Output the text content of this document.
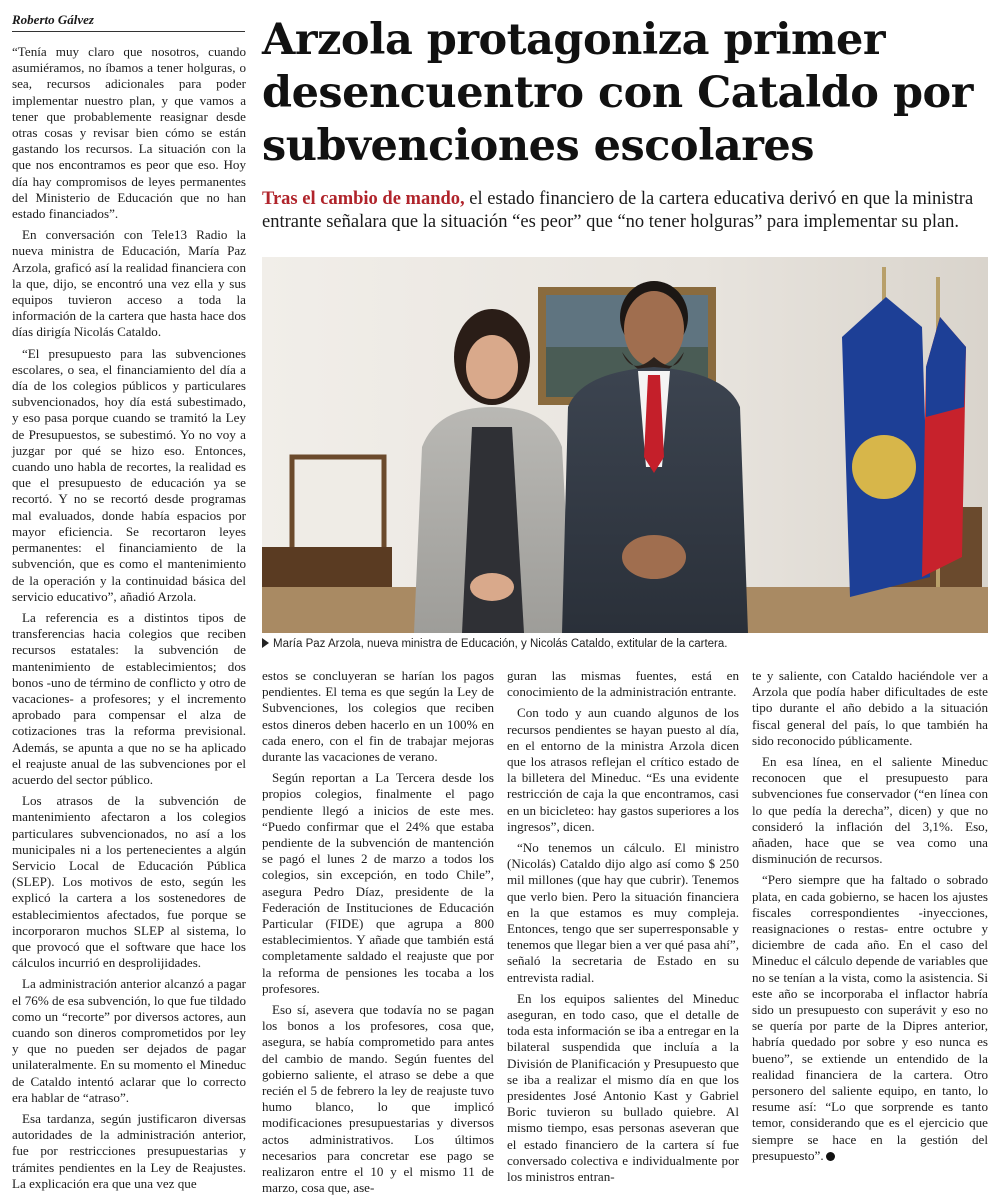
Roberto Gálvez

“Tenía muy claro que nosotros, cuando asumiéramos, no íbamos a tener holguras, o sea, recursos adicionales para poder implementar nuestro plan, y que vamos a tener que probablemente reasignar desde otras cosas y revisar bien cómo se están gastando los recursos. La situación con la que nos encontramos es peor que eso. Hoy día hay compromisos de leyes permanentes del Ministerio de Educación que no han estado financiados”.

En conversación con Tele13 Radio la nueva ministra de Educación, María Paz Arzola, graficó así la realidad financiera con la que, dijo, se encontró una vez ella y sus equipos tuvieron acceso a toda la información de la cartera que hasta hace dos días dirigía Nicolás Cataldo.

“El presupuesto para las subvenciones escolares, o sea, el financiamiento del día a día de los colegios públicos y particulares subvencionados, hoy día está subestimado, y eso pasa porque cuando se tramitó la Ley de Presupuestos, se subestimó. Yo no voy a juzgar por qué se hizo eso. Entonces, cuando uno habla de recortes, la realidad es que el presupuesto de educación ya se recortó. Y no se recortó desde programas mal evaluados, donde había espacios por mayor eficiencia. Se recortaron leyes permanentes: el financiamiento de la subvención, que es como el mantenimiento de la operación y la continuidad básica del servicio educativo”, añadió Arzola.

La referencia es a distintos tipos de transferencias hacia colegios que reciben recursos estatales: la subvención de mantenimiento de establecimientos; dos bonos -uno de término de conflicto y otro de vacaciones- a profesores; y el incremento aprobado para compensar el alza de cotizaciones tras la reforma previsional. Además, se apunta a que no se ha aplicado el reajuste anual de las subvenciones por el acuerdo del sector público.

Los atrasos de la subvención de mantenimiento afectaron a los colegios particulares subvencionados, no así a los municipales ni a los pertenecientes a algún Servicio Local de Educación Pública (SLEP). Los motivos de esto, según les explicó la cartera a los sostenedores de establecimientos afectados, fue porque se incorporaron muchos SLEP al sistema, lo que provocó que el software que hace los cálculos incurrió en desprolijidades.

La administración anterior alcanzó a pagar el 76% de esa subvención, lo que fue tildado como un “recorte” por diversos actores, aun cuando son dineros comprometidos por ley y que no pueden ser dejados de pagar unilateralmente. En su momento el Mineduc de Cataldo intentó aclarar que lo correcto era hablar de “atraso”.

Esa tardanza, según justificaron diversas autoridades de la administración anterior, fue por restricciones presupuestarias y trámites pendientes en la Ley de Reajustes. La explicación era que una vez que

Arzola protagoniza primer desencuentro con Cataldo por subvenciones escolares
Tras el cambio de mando, el estado financiero de la cartera educativa derivó en que la ministra entrante señalara que la situación “es peor” que “no tener holguras” para implementar su plan.
María Paz Arzola, nueva ministra de Educación, y Nicolás Cataldo, extitular de la cartera.

estos se concluyeran se harían los pagos pendientes. El tema es que según la Ley de Subvenciones, los colegios que reciben estos dineros deben hacerlo en un 100% en cada enero, con el fin de trabajar mejoras durante las vacaciones de verano.

Según reportan a La Tercera desde los propios colegios, finalmente el pago pendiente llegó a inicios de este mes. “Puedo confirmar que el 24% que estaba pendiente de la subvención de mantención se pagó el lunes 2 de marzo a todos los colegios, sin excepción, en todo Chile”, asegura Pedro Díaz, presidente de la Federación de Instituciones de Educación Particular (FIDE) que agrupa a 800 establecimientos. Y añade que también está completamente saldado el reajuste que por la reforma de pensiones les tocaba a los profesores.

Eso sí, asevera que todavía no se pagan los bonos a los profesores, cosa que, asegura, se había comprometido para antes del cambio de mando. Según fuentes del gobierno saliente, el atraso se debe a que recién el 5 de febrero la ley de reajuste tuvo humo blanco, lo que implicó modificaciones presupuestarias y diversos actos administrativos. Los últimos necesarios para concretar ese pago se realizaron entre el 10 y el mismo 11 de marzo, cosa que, ase-

guran las mismas fuentes, está en conocimiento de la administración entrante.

Con todo y aun cuando algunos de los recursos pendientes se hayan puesto al día, en el entorno de la ministra Arzola dicen que los atrasos reflejan el crítico estado de la billetera del Mineduc. “Es una evidente restricción de caja la que encontramos, casi en un bicicleteo: hay gastos superiores a los ingresos”, dicen.

“No tenemos un cálculo. El ministro (Nicolás) Cataldo dijo algo así como $ 250 mil millones (que hay que cubrir). Tenemos que verlo bien. Pero la situación financiera en la que estamos es muy compleja. Entonces, tengo que ser superresponsable y tenemos que llegar bien a ver qué pasa ahí”, señaló la secretaria de Estado en su entrevista radial.

En los equipos salientes del Mineduc aseguran, en todo caso, que el detalle de toda esta información se iba a entregar en la bilateral suspendida que incluía a la División de Planificación y Presupuesto que se iba a realizar el mismo día en que los presidentes José Antonio Kast y Gabriel Boric tuvieron su bullado quiebre. Al mismo tiempo, esas personas aseveran que el estado financiero de la cartera sí fue conversado colectiva e individualmente por los ministros entran-

te y saliente, con Cataldo haciéndole ver a Arzola que podía haber dificultades de este tipo durante el año debido a la situación fiscal general del país, lo que también ha sido reconocido públicamente.

En esa línea, en el saliente Mineduc reconocen que el presupuesto para subvenciones fue conservador (“en línea con lo que pedía la derecha”, dicen) y que no consideró la inflación del 3,1%. Eso, añaden, hace que se vea como una disminución de recursos.

“Pero siempre que ha faltado o sobrado plata, en cada gobierno, se hacen los ajustes fiscales correspondientes -inyecciones, reasignaciones o restas- entre octubre y diciembre de cada año. En el caso del Mineduc el cálculo depende de variables que no se tenían a la vista, como la asistencia. Si este año se incorporaba el inflactor habría sido un presupuesto con superávit y eso no se quería por parte de la Dipres anterior, habría quedado por sobre y eso nunca es bueno”, se extiende un entendido de la realidad financiera de la cartera. Otro personero del saliente equipo, en tanto, lo resume así: “Lo que sorprende es tanto temor, considerando que es el ejercicio que siempre se hace en la gestión del presupuesto”.
